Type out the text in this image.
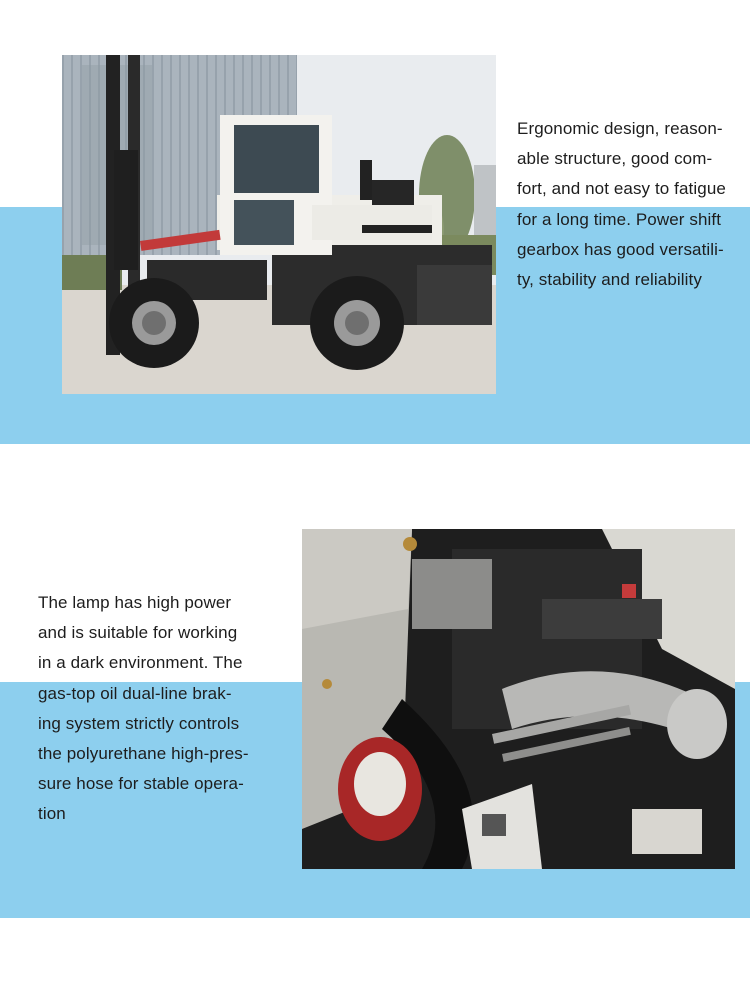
Ergonomic design, reason-
able structure, good com-
fort, and not easy to fatigue
for a long time. Power shift
gearbox has good versatili-
ty, stability and reliability
The lamp has high power
and is suitable for working
in a dark environment. The
gas-top oil dual-line brak-
ing system strictly controls
the polyurethane high-pres-
sure hose for stable opera-
tion
